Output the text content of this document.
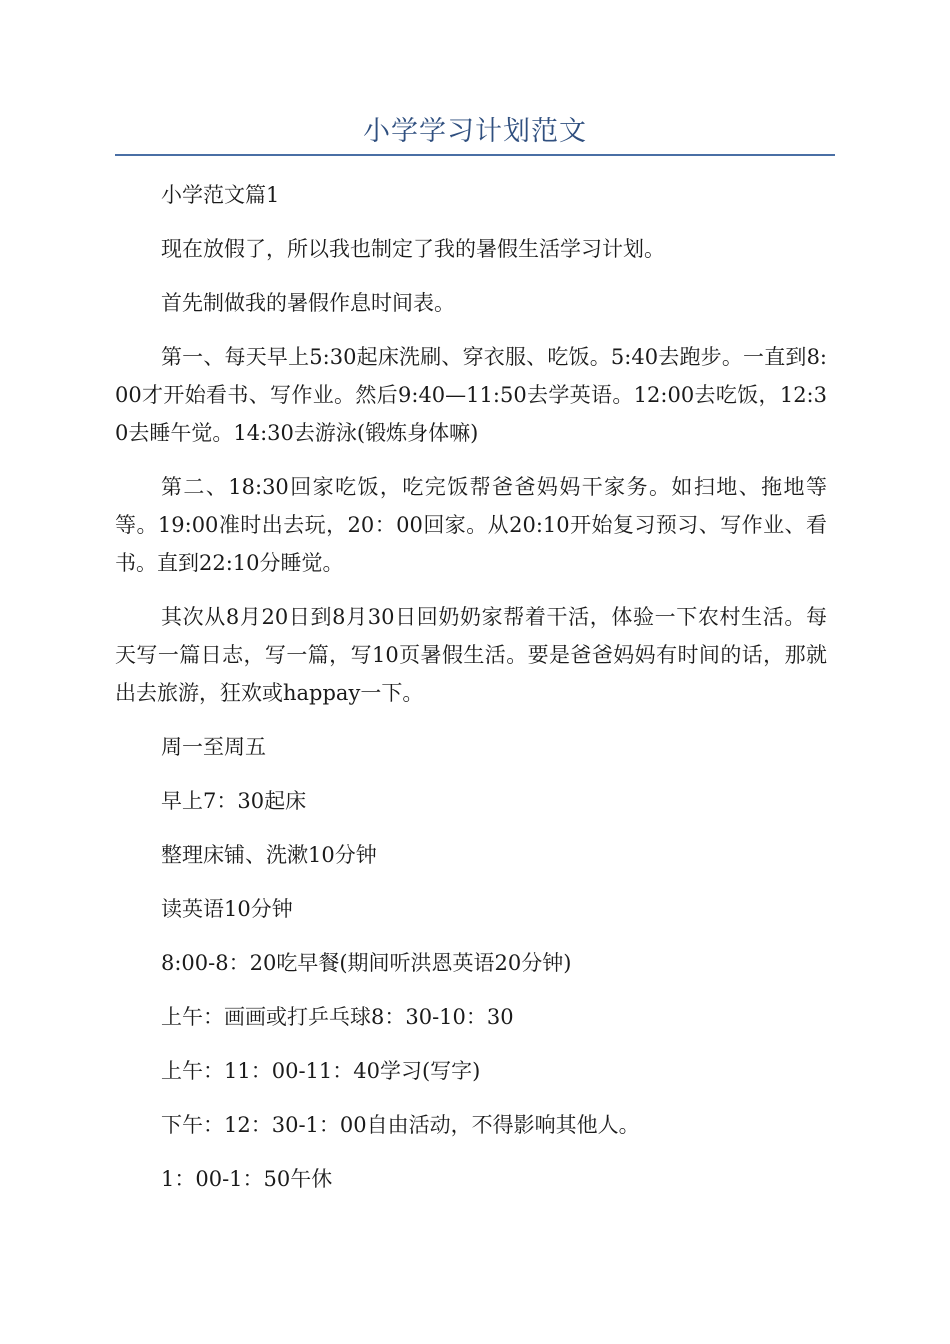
小学学习计划范文

小学范文篇1

现在放假了，所以我也制定了我的暑假生活学习计划。

首先制做我的暑假作息时间表。

第一、每天早上5:30起床洗刷、穿衣服、吃饭。5:40去跑步。一直到8:00才开始看书、写作业。然后9:40—11:50去学英语。12:00去吃饭，12:30去睡午觉。14:30去游泳(锻炼身体嘛)

第二、18:30回家吃饭，吃完饭帮爸爸妈妈干家务。如扫地、拖地等等。19:00准时出去玩，20：00回家。从20:10开始复习预习、写作业、看书。直到22:10分睡觉。

其次从8月20日到8月30日回奶奶家帮着干活，体验一下农村生活。每天写一篇日志，写一篇，写10页暑假生活。要是爸爸妈妈有时间的话，那就出去旅游，狂欢或happay一下。

周一至周五

早上7：30起床

整理床铺、洗漱10分钟

读英语10分钟

8:00-8：20吃早餐(期间听洪恩英语20分钟)

上午：画画或打乒乓球8：30-10：30

上午：11：00-11：40学习(写字)

下午：12：30-1：00自由活动，不得影响其他人。

1：00-1：50午休
